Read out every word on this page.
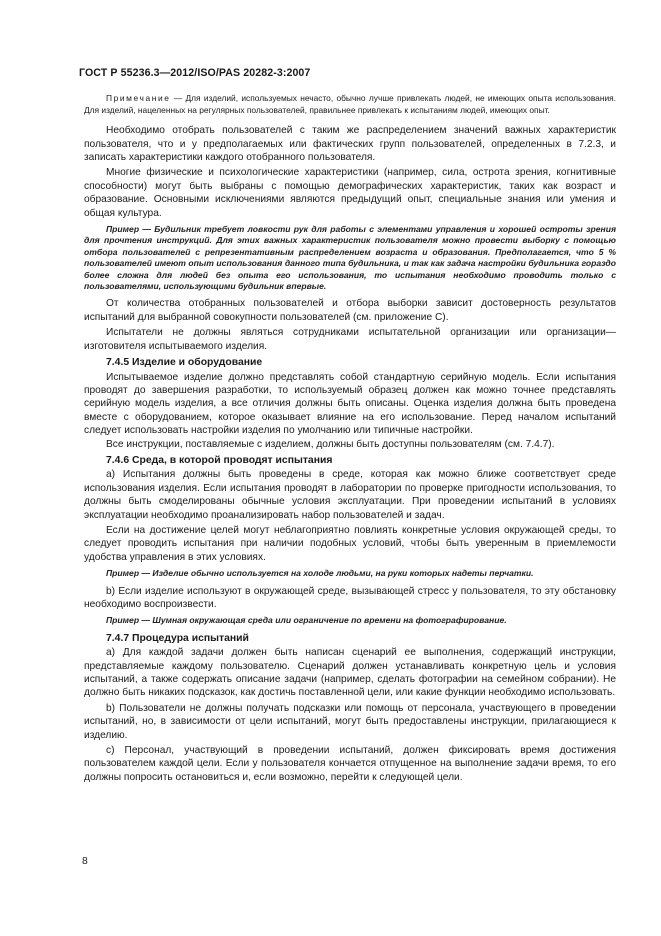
ГОСТ Р 55236.3—2012/ISO/PAS 20282-3:2007

Примечание — Для изделий, используемых нечасто, обычно лучше привлекать людей, не имеющих опыта использования. Для изделий, нацеленных на регулярных пользователей, правильнее привлекать к испытаниям людей, имеющих опыт.

Необходимо отобрать пользователей с таким же распределением значений важных характеристик пользователя, что и у предполагаемых или фактических групп пользователей, определенных в 7.2.3, и записать характеристики каждого отобранного пользователя.

Многие физические и психологические характеристики (например, сила, острота зрения, когнитивные способности) могут быть выбраны с помощью демографических характеристик, таких как возраст и образование. Основными исключениями являются предыдущий опыт, специальные знания или умения и общая культура.

Пример — Будильник требует ловкости рук для работы с элементами управления и хорошей остроты зрения для прочтения инструкций. Для этих важных характеристик пользователя можно провести выборку с помощью отбора пользователей с репрезентативным распределением возраста и образования. Предполагается, что 5 % пользователей имеют опыт использования данного типа будильника, и так как задача настройки будильника гораздо более сложна для людей без опыта его использования, то испытания необходимо проводить только с пользователями, использующими будильник впервые.

От количества отобранных пользователей и отбора выборки зависит достоверность результатов испытаний для выбранной совокупности пользователей (см. приложение С).

Испытатели не должны являться сотрудниками испытательной организации или организации—изготовителя испытываемого изделия.

7.4.5 Изделие и оборудование

Испытываемое изделие должно представлять собой стандартную серийную модель. Если испытания проводят до завершения разработки, то используемый образец должен как можно точнее представлять серийную модель изделия, а все отличия должны быть описаны. Оценка изделия должна быть проведена вместе с оборудованием, которое оказывает влияние на его использование. Перед началом испытаний следует использовать настройки изделия по умолчанию или типичные настройки.

Все инструкции, поставляемые с изделием, должны быть доступны пользователям (см. 7.4.7).

7.4.6 Среда, в которой проводят испытания

a) Испытания должны быть проведены в среде, которая как можно ближе соответствует среде использования изделия. Если испытания проводят в лаборатории по проверке пригодности использования, то должны быть смоделированы обычные условия эксплуатации. При проведении испытаний в условиях эксплуатации необходимо проанализировать набор пользователей и задач.

Если на достижение целей могут неблагоприятно повлиять конкретные условия окружающей среды, то следует проводить испытания при наличии подобных условий, чтобы быть уверенным в приемлемости удобства управления в этих условиях.

Пример — Изделие обычно используется на холоде людьми, на руки которых надеты перчатки.

b) Если изделие используют в окружающей среде, вызывающей стресс у пользователя, то эту обстановку необходимо воспроизвести.

Пример — Шумная окружающая среда или ограничение по времени на фотографирование.

7.4.7 Процедура испытаний

a) Для каждой задачи должен быть написан сценарий ее выполнения, содержащий инструкции, представляемые каждому пользователю. Сценарий должен устанавливать конкретную цель и условия испытаний, а также содержать описание задачи (например, сделать фотографии на семейном собрании). Не должно быть никаких подсказок, как достичь поставленной цели, или какие функции необходимо использовать.

b) Пользователи не должны получать подсказки или помощь от персонала, участвующего в проведении испытаний, но, в зависимости от цели испытаний, могут быть предоставлены инструкции, прилагающиеся к изделию.

c) Персонал, участвующий в проведении испытаний, должен фиксировать время достижения пользователем каждой цели. Если у пользователя кончается отпущенное на выполнение задачи время, то его должны попросить остановиться и, если возможно, перейти к следующей цели.

8
